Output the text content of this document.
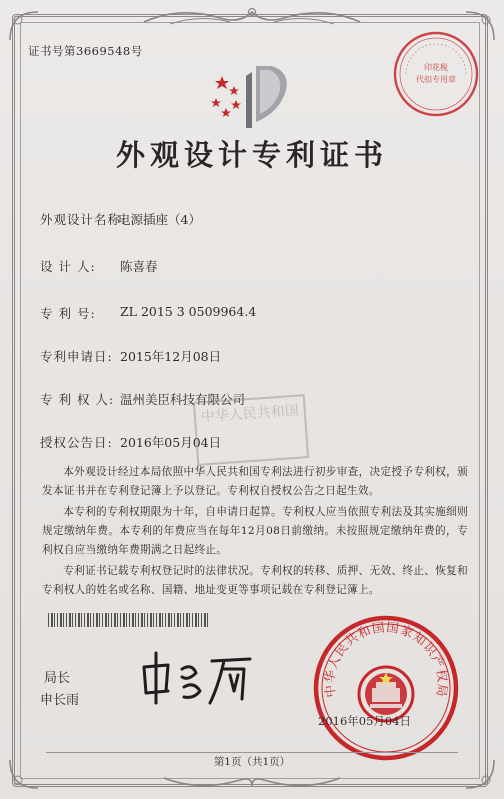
证书号第3669548号
印花税
代扣专用章
外观设计专利证书
外观设计名称:
电源插座（4）
设 计 人: 陈喜春
专 利 号: ZL 2015 3 0509964.4
专利申请日: 2015年12月08日
专 利 权 人: 温州美臣科技有限公司
授权公告日: 2016年05月04日
中华人民共和国
本外观设计经过本局依照中华人民共和国专利法进行初步审查，决定授予专利权，颁发本证书并在专利登记簿上予以登记。专利权自授权公告之日起生效。
本专利的专利权期限为十年，自申请日起算。专利权人应当依照专利法及其实施细则规定缴纳年费。本专利的年费应当在每年12月08日前缴纳。未按照规定缴纳年费的，专利权自应当缴纳年费期满之日起终止。
专利证书记载专利权登记时的法律状况。专利权的转移、质押、无效、终止、恢复和专利权人的姓名或名称、国籍、地址变更等事项记载在专利登记簿上。
局长
申长雨
中华人民共和国国家知识产权局
2016年05月04日
第1页（共1页）
